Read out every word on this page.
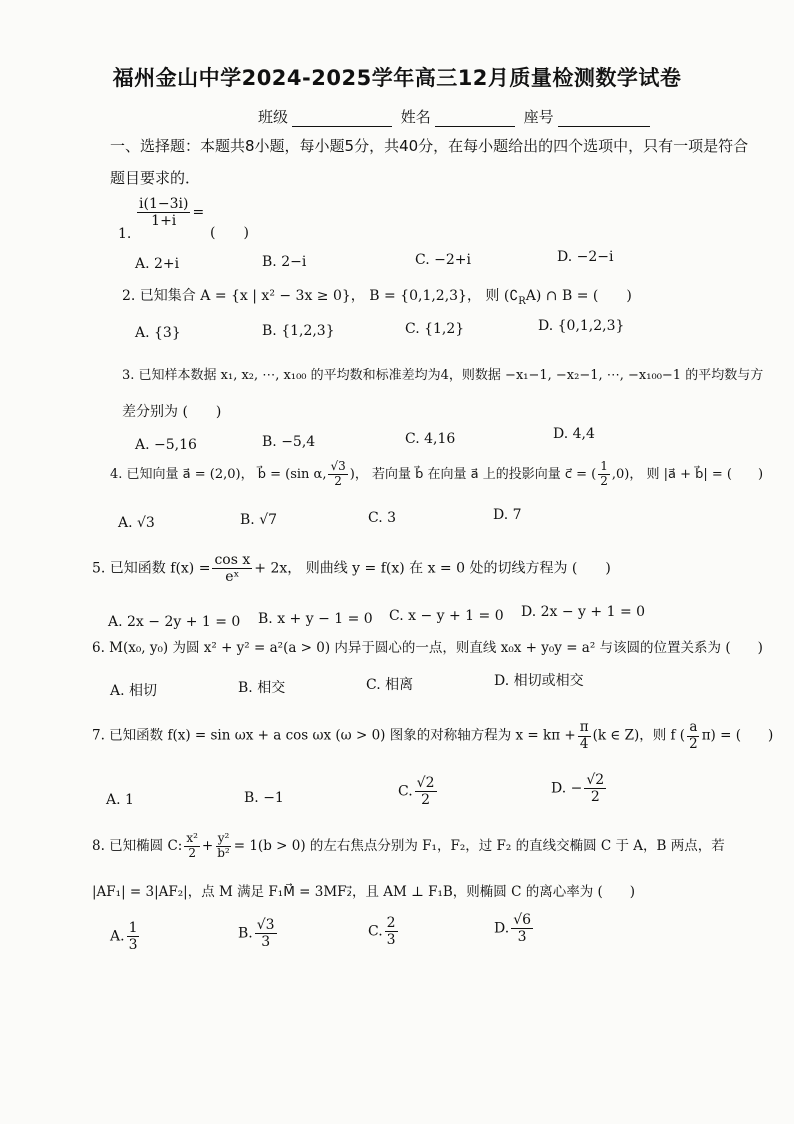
福州金山中学2024-2025学年高三12月质量检测数学试卷
班级	姓名	座号
一、选择题：本题共8小题，每小题5分，共40分，在每小题给出的四个选项中，只有一项是符合题目要求的．
$\frac{i(1-3i)}{1+i}$ =
1.	(　　)
A. 2+i	B. 2−i	C. −2+i	D. −2−i
2. 已知集合 A = {x | x² − 3x ≥ 0}， B = {0,1,2,3}， 则 $(∁_RA)$ ∩ B = (　　)
A. {3}	B. {1,2,3}	C. {1,2}	D. {0,1,2,3}
3. 已知样本数据 x₁, x₂, ⋯, x₁₀₀ 的平均数和标准差均为4，则数据 −x₁−1, −x₂−1, ⋯, −x₁₀₀−1 的平均数与方
差分别为 (　　)
A. −5,16	B. −5,4	C. 4,16	D. 4,4
4. 已知向量 a⃗ = (2,0)， b⃗ = (sin α, $\frac{√3}{2}$ )， 若向量 b⃗ 在向量 a⃗ 上的投影向量 c⃗ = ( $\frac{1}{2} ,0$)， 则 |a⃗ + b⃗| = (　　)
A. √3	B. √7	C. 3	D. 7
5. 已知函数 $f(x) = \frac{\text{cos x}}{\text{eˣ}} + 2x$， 则曲线 y = f(x) 在 x = 0 处的切线方程为 (　　)
A. 2x − 2y + 1 = 0 B. x + y − 1 = 0 C. x − y + 1 = 0 D. 2x − y + 1 = 0
6. M(x₀, y₀) 为圆 x² + y² = a²(a > 0) 内异于圆心的一点，则直线 x₀x + y₀y = a² 与该圆的位置关系为 (　　)
A. 相切	B. 相交	C. 相离	D. 相切或相交
7. 已知函数 f(x) = sin ωx + a cos ωx (ω > 0) 图象的对称轴方程为 $x = k\pi + \frac{\pi}{4} (k$ ∈ Z)，则 f ( $\frac{a}{2} \pi$) = (　　)
A. 1	B. −1	C. $\frac{√2}{2}$	D. − $\frac{√2}{2}$
8. 已知椭圆 C: $\frac{\text{x²}}{2} + \frac{\text{y²}}{\text{b²}} = 1(b > 0)$ 的左右焦点分别为 F₁，F₂，过 F₂ 的直线交椭圆 C 于 A，B 两点，若
|AF₁| = 3|AF₂|，点 M 满足 F₁M⃗ = 3MF₂⃗，且 AM ⊥ F₁B，则椭圆 C 的离心率为 (　　)
A. $\frac{1}{3}$	B. $\frac{√3}{3}$	C. $\frac{2}{3}$	D. $\frac{√6}{3}$
